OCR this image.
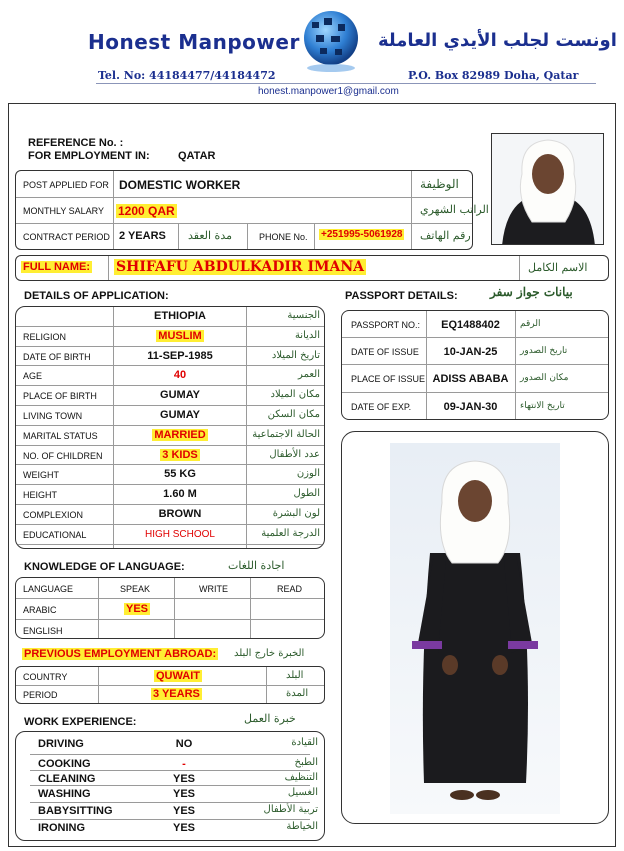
Honest Manpower	اونست لجلب الأيدي العاملة
Tel. No: 44184477/44184472	P.O. Box 82989 Doha, Qatar
honest.manpower1@gmail.com
REFERENCE No. :
FOR EMPLOYMENT IN:	QATAR
POST APPLIED FOR DOMESTIC WORKER	الوظيفة
MONTHLY SALARY 1200 QAR	الراتب الشهري
CONTRACT PERIOD 2 YEARS مدة العقد	PHONE No. +251995-5061928 رقم الهاتف
FULL NAME: SHIFAFU ABDULKADIR IMANA	الاسم الكامل
DETAILS OF APPLICATION:
ETHIOPIA	الجنسية
RELIGION	MUSLIM	الديانة
DATE OF BIRTH	11-SEP-1985	تاريخ الميلاد
AGE	40	العمر
PLACE OF BIRTH	GUMAY	مكان الميلاد
LIVING TOWN	GUMAY	مكان السكن
MARITAL STATUS	MARRIED	الحالة الاجتماعية
NO. OF CHILDREN	3 KIDS	عدد الأطفال
WEIGHT	55 KG	الوزن
HEIGHT	1.60 M	الطول
COMPLEXION	BROWN	لون البشرة
EDUCATIONAL	HIGH SCHOOL	الدرجة العلمية
PASSPORT DETAILS:	بيانات جواز سفر
PASSPORT NO.:	EQ1488402	الرقم
DATE OF ISSUE	10-JAN-25	تاريخ الصدور
PLACE OF ISSUE ADISS ABABA	مكان الصدور
DATE OF EXP.	09-JAN-30	تاريخ الانتهاء
KNOWLEDGE OF LANGUAGE:	اجادة اللغات
LANGUAGE	SPEAK	WRITE	READ
ARABIC	YES
ENGLISH
PREVIOUS EMPLOYMENT ABROAD: الخبرة خارج البلد
COUNTRY	QUWAIT	البلد
PERIOD	3 YEARS	المدة
WORK EXPERIENCE:	خبرة العمل
DRIVING	NO	القيادة
COOKING	-	الطبخ
CLEANING	YES	التنظيف
WASHING	YES	الغسيل
BABYSITTING	YES	تربية الأطفال
IRONING	YES	الخياطة
